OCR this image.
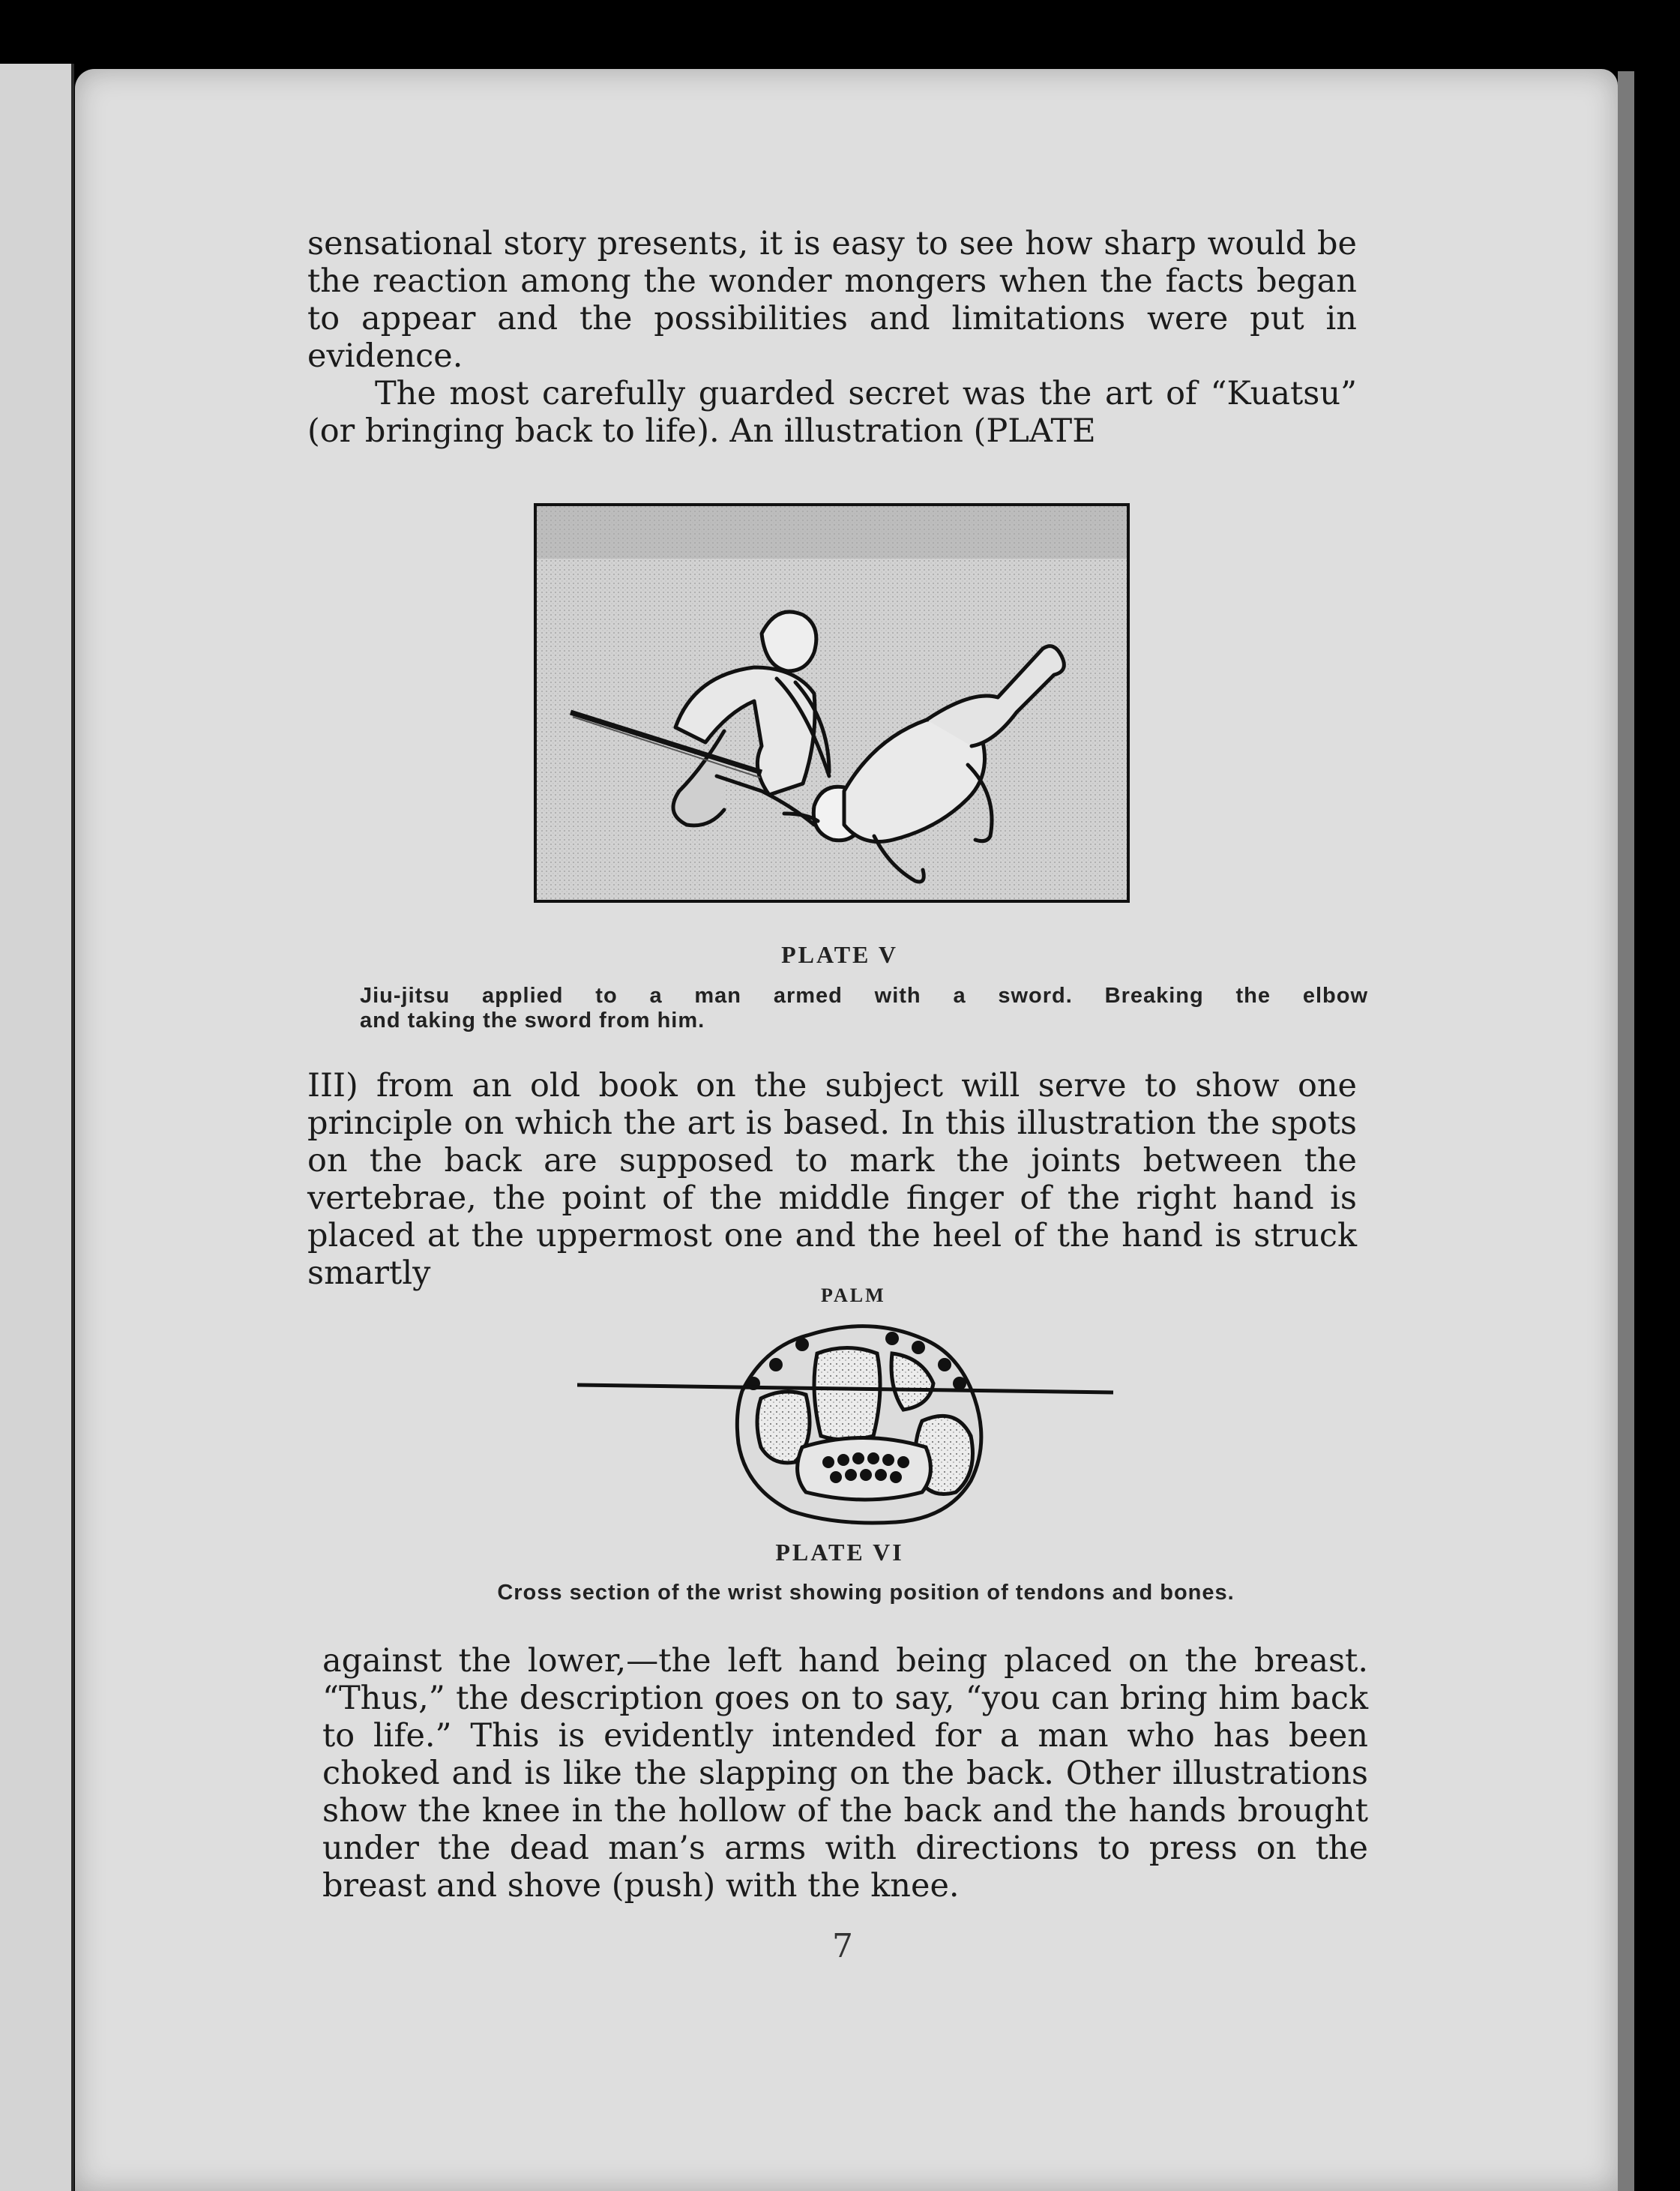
sensational story presents, it is easy to see how sharp would be the reaction among the wonder mongers when the facts began to appear and the possibilities and limitations were put in evidence.

The most carefully guarded secret was the art of “Kuatsu” (or bringing back to life). An illustration (PLATE

PLATE V
Jiu-jitsu applied to a man armed with a sword. Breaking the elbow
and taking the sword from him.

III) from an old book on the subject will serve to show one principle on which the art is based. In this illustration the spots on the back are supposed to mark the joints between the vertebrae, the point of the middle finger of the right hand is placed at the uppermost one and the heel of the hand is struck smartly

PALM
PLATE VI
Cross section of the wrist showing position of tendons and bones.

against the lower,—the left hand being placed on the breast. “Thus,” the description goes on to say, “you can bring him back to life.” This is evidently intended for a man who has been choked and is like the slapping on the back. Other illustrations show the knee in the hollow of the back and the hands brought under the dead man’s arms with directions to press on the breast and shove (push) with the knee.

7
